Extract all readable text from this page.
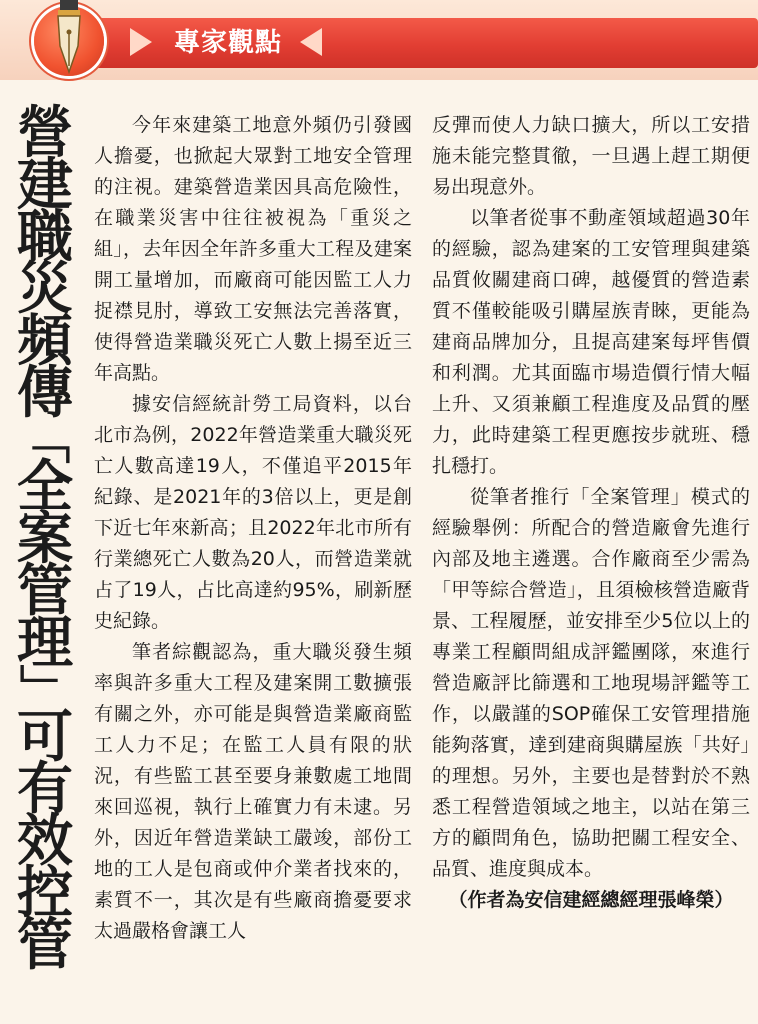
專家觀點
營
建
職
災
頻
傳
﹁
全
案
管
理
﹂
可
有
效
控
管

今年來建築工地意外頻仍引發國人擔憂，也掀起大眾對工地安全管理的注視。建築營造業因具高危險性，在職業災害中往往被視為「重災之組」，去年因全年許多重大工程及建案開工量增加，而廠商可能因監工人力捉襟見肘，導致工安無法完善落實，使得營造業職災死亡人數上揚至近三年高點。

據安信經統計勞工局資料，以台北市為例，2022年營造業重大職災死亡人數高達19人，不僅追平2015年紀錄、是2021年的3倍以上，更是創下近七年來新高；且2022年北市所有行業總死亡人數為20人，而營造業就占了19人，占比高達約95%，刷新歷史紀錄。

筆者綜觀認為，重大職災發生頻率與許多重大工程及建案開工數擴張有關之外，亦可能是與營造業廠商監工人力不足；在監工人員有限的狀況，有些監工甚至要身兼數處工地間來回巡視，執行上確實力有未逮。另外，因近年營造業缺工嚴竣，部份工地的工人是包商或仲介業者找來的，素質不一，其次是有些廠商擔憂要求太過嚴格會讓工人

反彈而使人力缺口擴大，所以工安措施未能完整貫徹，一旦遇上趕工期便易出現意外。

以筆者從事不動產領域超過30年的經驗，認為建案的工安管理與建築品質攸關建商口碑，越優質的營造素質不僅較能吸引購屋族青睞，更能為建商品牌加分，且提高建案每坪售價和利潤。尤其面臨市場造價行情大幅上升、又須兼顧工程進度及品質的壓力，此時建築工程更應按步就班、穩扎穩打。

從筆者推行「全案管理」模式的經驗舉例：所配合的營造廠會先進行內部及地主遴選。合作廠商至少需為「甲等綜合營造」，且須檢核營造廠背景、工程履歷，並安排至少5位以上的專業工程顧問組成評鑑團隊，來進行營造廠評比篩選和工地現場評鑑等工作，以嚴謹的SOP確保工安管理措施能夠落實，達到建商與購屋族「共好」的理想。另外，主要也是替對於不熟悉工程營造領域之地主，以站在第三方的顧問角色，協助把關工程安全、品質、進度與成本。

（作者為安信建經總經理張峰榮）
